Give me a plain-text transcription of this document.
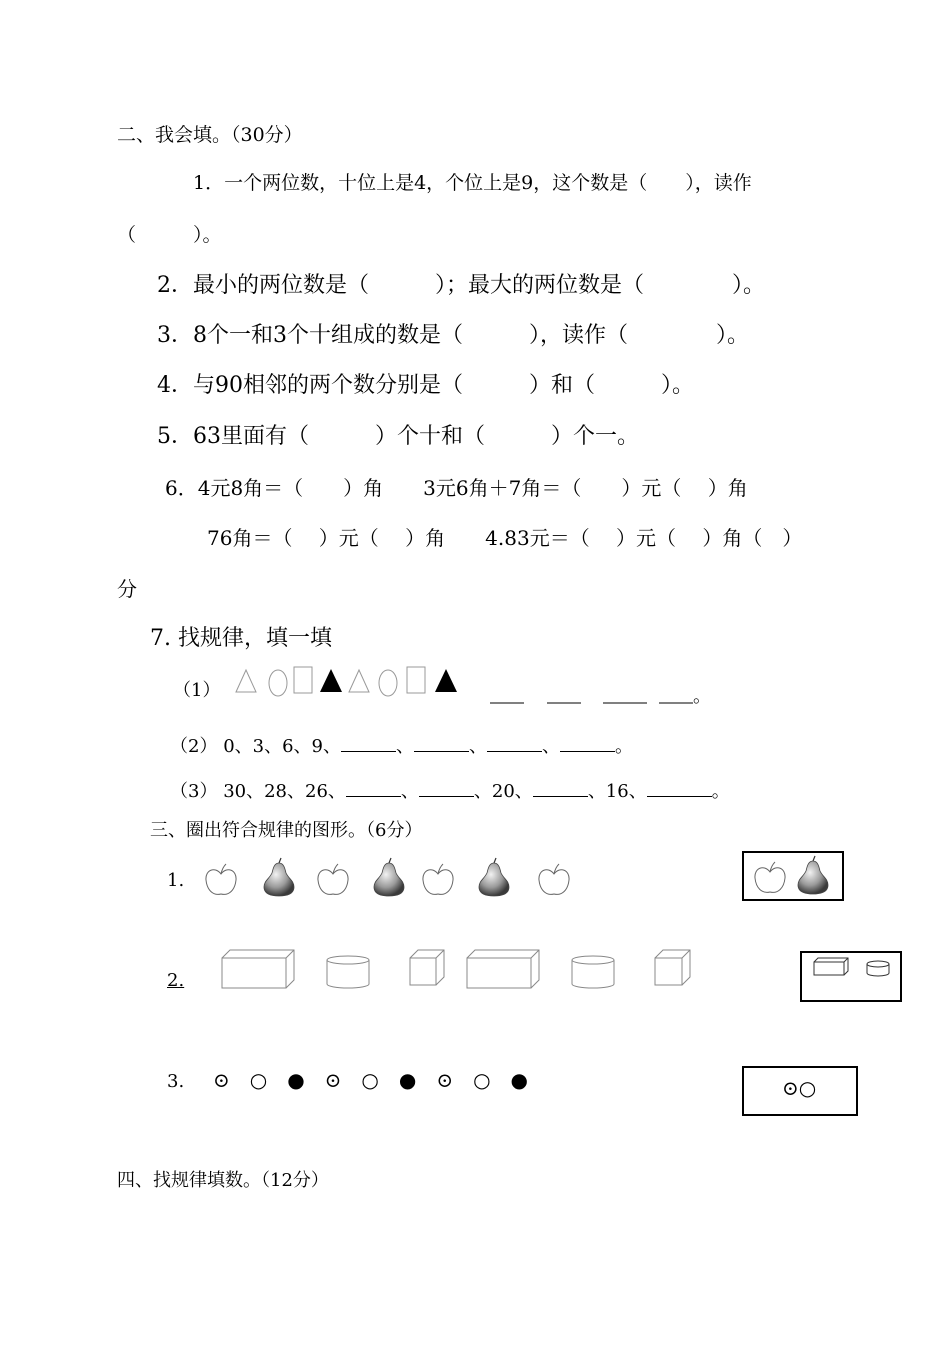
二、我会填。（30分）
1．一个两位数，十位上是4，个位上是9，这个数是（　　），读作
（　　　）。
2．最小的两位数是（　　　）；最大的两位数是（　　　　）。
3．8个一和3个十组成的数是（　　　），读作（　　　　）。
4．与90相邻的两个数分别是（　　　）和（　　　）。
5．63里面有（　　　）个十和（　　　）个一。
6．4元8角＝（　　）角　　3元6角＋7角＝（　　）元（　 ）角
76角＝（　 ）元（　 ）角　　4.83元＝（　 ）元（　 ）角（　）
分
7. 找规律，填一填
（1）	。
（2） 0、3、6、9、	、	、	、	。
（3） 30、28、26、	、	、20、	、16、	。
三、圈出符合规律的图形。（6分）
1.
2.
3. ⊙　○　●　⊙　○　●　⊙　○　●	⊙○
四、找规律填数。（12分）
